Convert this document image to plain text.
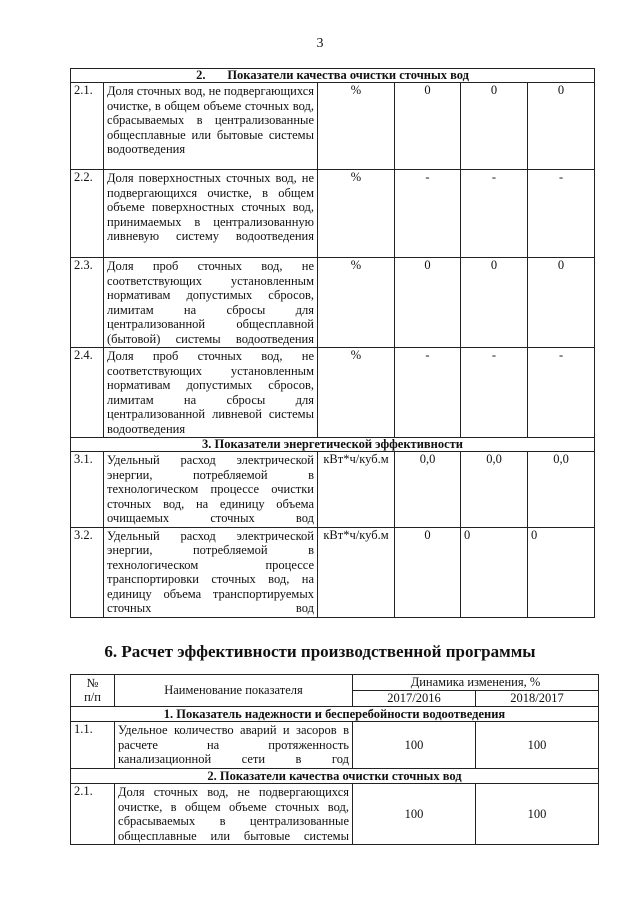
3
2.       Показатели качества очистки сточных вод					
2.1.	Доля сточных вод, не подвергающихся очистке, в общем объеме сточных вод, сбрасываемых в централизованные общесплавные или бытовые системы водоотведения	%	0	0	0
2.2.	Доля поверхностных сточных вод, не подвергающихся очистке, в общем объеме поверхностных сточных вод, принимаемых в централизованную ливневую систему водоотведения	%	-	-	-
2.3.	Доля проб сточных вод, не соответствующих установленным нормативам допустимых сбросов, лимитам на сбросы для централизованной общесплавной (бытовой) системы водоотведения	%	0	0	0
2.4.	Доля проб сточных вод, не соответствующих установленным нормативам допустимых сбросов, лимитам на сбросы для централизованной ливневой системы водоотведения	%	-	-	-
3. Показатели энергетической эффективности					
3.1.	Удельный расход электрической энергии, потребляемой в технологическом процессе очистки сточных вод, на единицу объема очищаемых сточных вод	кВт*ч/куб.м	0,0	0,0	0,0
3.2.	Удельный расход электрической энергии, потребляемой в технологическом процессе транспортировки сточных вод, на единицу объема транспортируемых сточных вод	кВт*ч/куб.м	0	0	0
6. Расчет эффективности производственной программы
№
п/п	Наименование показателя	Динамика изменения, %	
		2017/2016	2018/2017
1. Показатель надежности и бесперебойности водоотведения			
1.1.	Удельное количество аварий и засоров в расчете на протяженность канализационной сети в год	100	100
2. Показатели качества очистки сточных вод			
2.1.	Доля сточных вод, не подвергающихся очистке, в общем объеме сточных вод, сбрасываемых в централизованные общесплавные или бытовые системы	100	100
